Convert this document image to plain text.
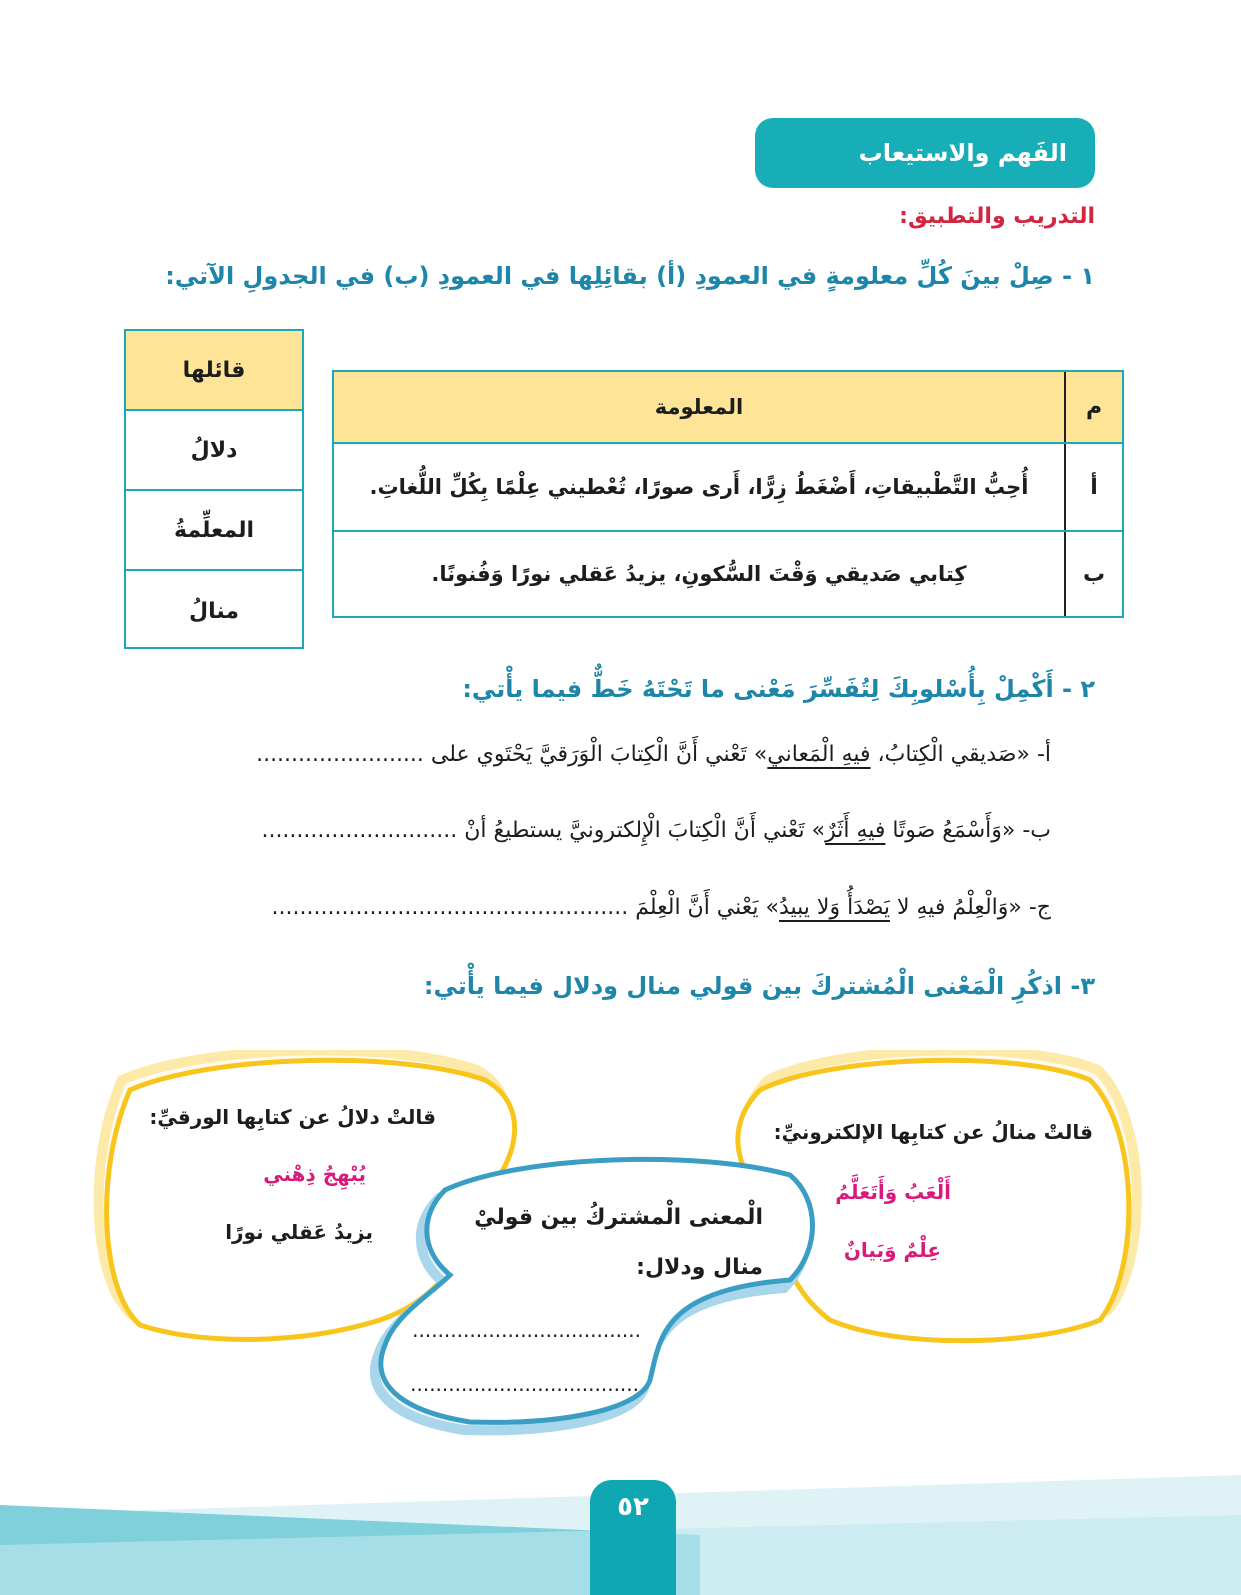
الفَهم والاستيعاب
التدريب والتطبيق:
١ - صِلْ بينَ كُلِّ معلومةٍ في العمودِ (أ) بقائِلِها في العمودِ (ب) في الجدولِ الآتي:
م
المعلومة
أ
أُحِبُّ التَّطْبيقاتِ، أَضْغَطُ زِرًّا، أَرى صورًا، تُعْطيني عِلْمًا بِكُلِّ اللُّغاتِ.
ب
كِتابي صَديقي وَقْتَ السُّكونِ، يزيدُ عَقلي نورًا وَفُنونًا.
قائلها
دلالُ
المعلِّمةُ
منالُ
٢ - أَكْمِلْ بِأُسْلوبِكَ لِتُفَسِّرَ مَعْنى ما تَحْتَهُ خَطٌّ فيما يأْتي:
أ- «صَديقي الْكِتابُ، فيهِ الْمَعاني» تَعْني أَنَّ الْكِتابَ الْوَرَقيَّ يَحْتَوي على ........................
ب- «وَأَسْمَعُ صَوتًا فيهِ أَثَرٌ» تَعْني أَنَّ الْكِتابَ الْإِلكترونيَّ يستطيعُ أنْ ............................
ج- «وَالْعِلْمُ فيهِ لا يَصْدَأُ وَلا يبيدُ» يَعْني أَنَّ الْعِلْمَ ...................................................
٣- اذكُرِ الْمَعْنى الْمُشتركَ بين قولي منال ودلال فيما يأْتي:
قالتْ منالُ عن كتابِها الإلكترونيِّ:
أَلْعَبُ وَأَتَعَلَّمُ
عِلْمٌ وَبَيانٌ
قالتْ دلالُ عن كتابِها الورقيِّ:
يُبْهِجُ ذِهْني
يزيدُ عَقلي نورًا
الْمعنى الْمشتركُ بين قوليْ
منال ودلال:
....................................
....................................
٥٢
